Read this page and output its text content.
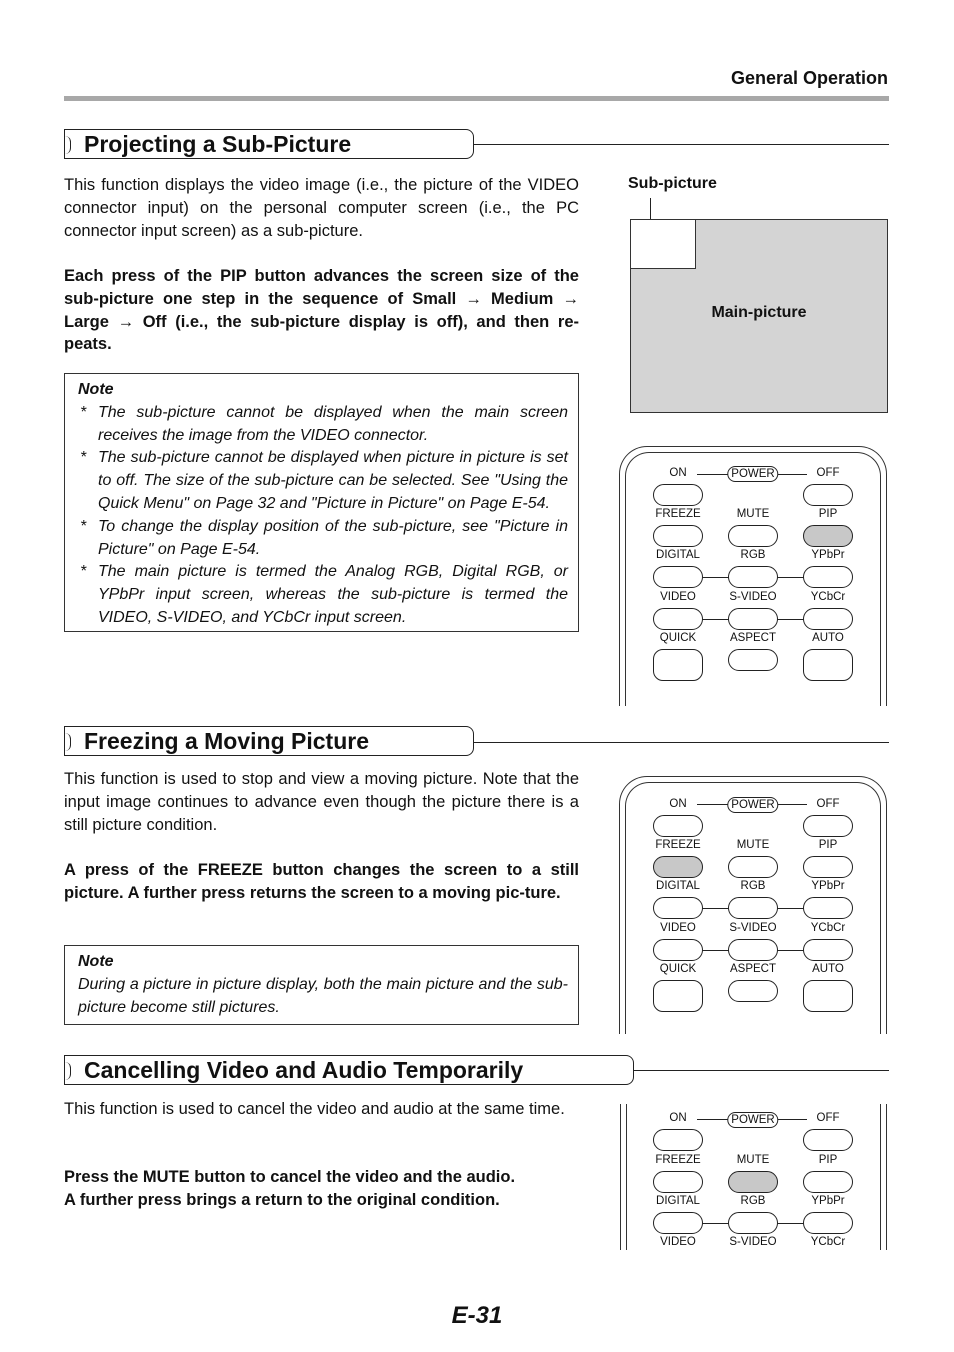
General Operation
Projecting a Sub-Picture

This function displays the video image (i.e., the picture of the VIDEO connector input) on the personal computer screen (i.e., the PC connector input screen) as a sub-picture.

Each press of the PIP button advances the screen size of the sub-picture one step in the sequence of Small → Medium → Large → Off (i.e., the sub-picture display is off), and then re-peats.

Note
* The sub-picture cannot be displayed when the main screen receives the image from the VIDEO connector.
* The sub-picture cannot be displayed when picture in picture is set to off. The size of the sub-picture can be selected. See "Using the Quick Menu" on Page 32 and "Picture in Picture" on Page E-54.
* To change the display position of the sub-picture, see "Picture in Picture" on Page E-54.
* The main picture is termed the Analog RGB, Digital RGB, or YPbPr input screen, whereas the sub-picture is termed the VIDEO, S-VIDEO, and YCbCr input screen.
Sub-picture
Main-picture
ON	POWER	OFF
FREEZE	MUTE	PIP
DIGITAL	RGB	YPbPr
VIDEO	S-VIDEO	YCbCr
QUICK	ASPECT	AUTO
Freezing a Moving Picture

This function is used to stop and view a moving picture. Note that the input image continues to advance even though the picture there is a still picture condition.

A press of the FREEZE button changes the screen to a still picture. A further press returns the screen to a moving pic-ture.

Note
During a picture in picture display, both the main picture and the sub-picture become still pictures.
ON	POWER	OFF
FREEZE	MUTE	PIP
DIGITAL	RGB	YPbPr
VIDEO	S-VIDEO	YCbCr
QUICK	ASPECT	AUTO
Cancelling Video and Audio Temporarily

This function is used to cancel the video and audio at the same time.

Press the MUTE button to cancel the video and the audio.

A further press brings a return to the original condition.

ON	POWER	OFF
FREEZE	MUTE	PIP
DIGITAL	RGB	YPbPr
VIDEO	S-VIDEO	YCbCr
E-31
